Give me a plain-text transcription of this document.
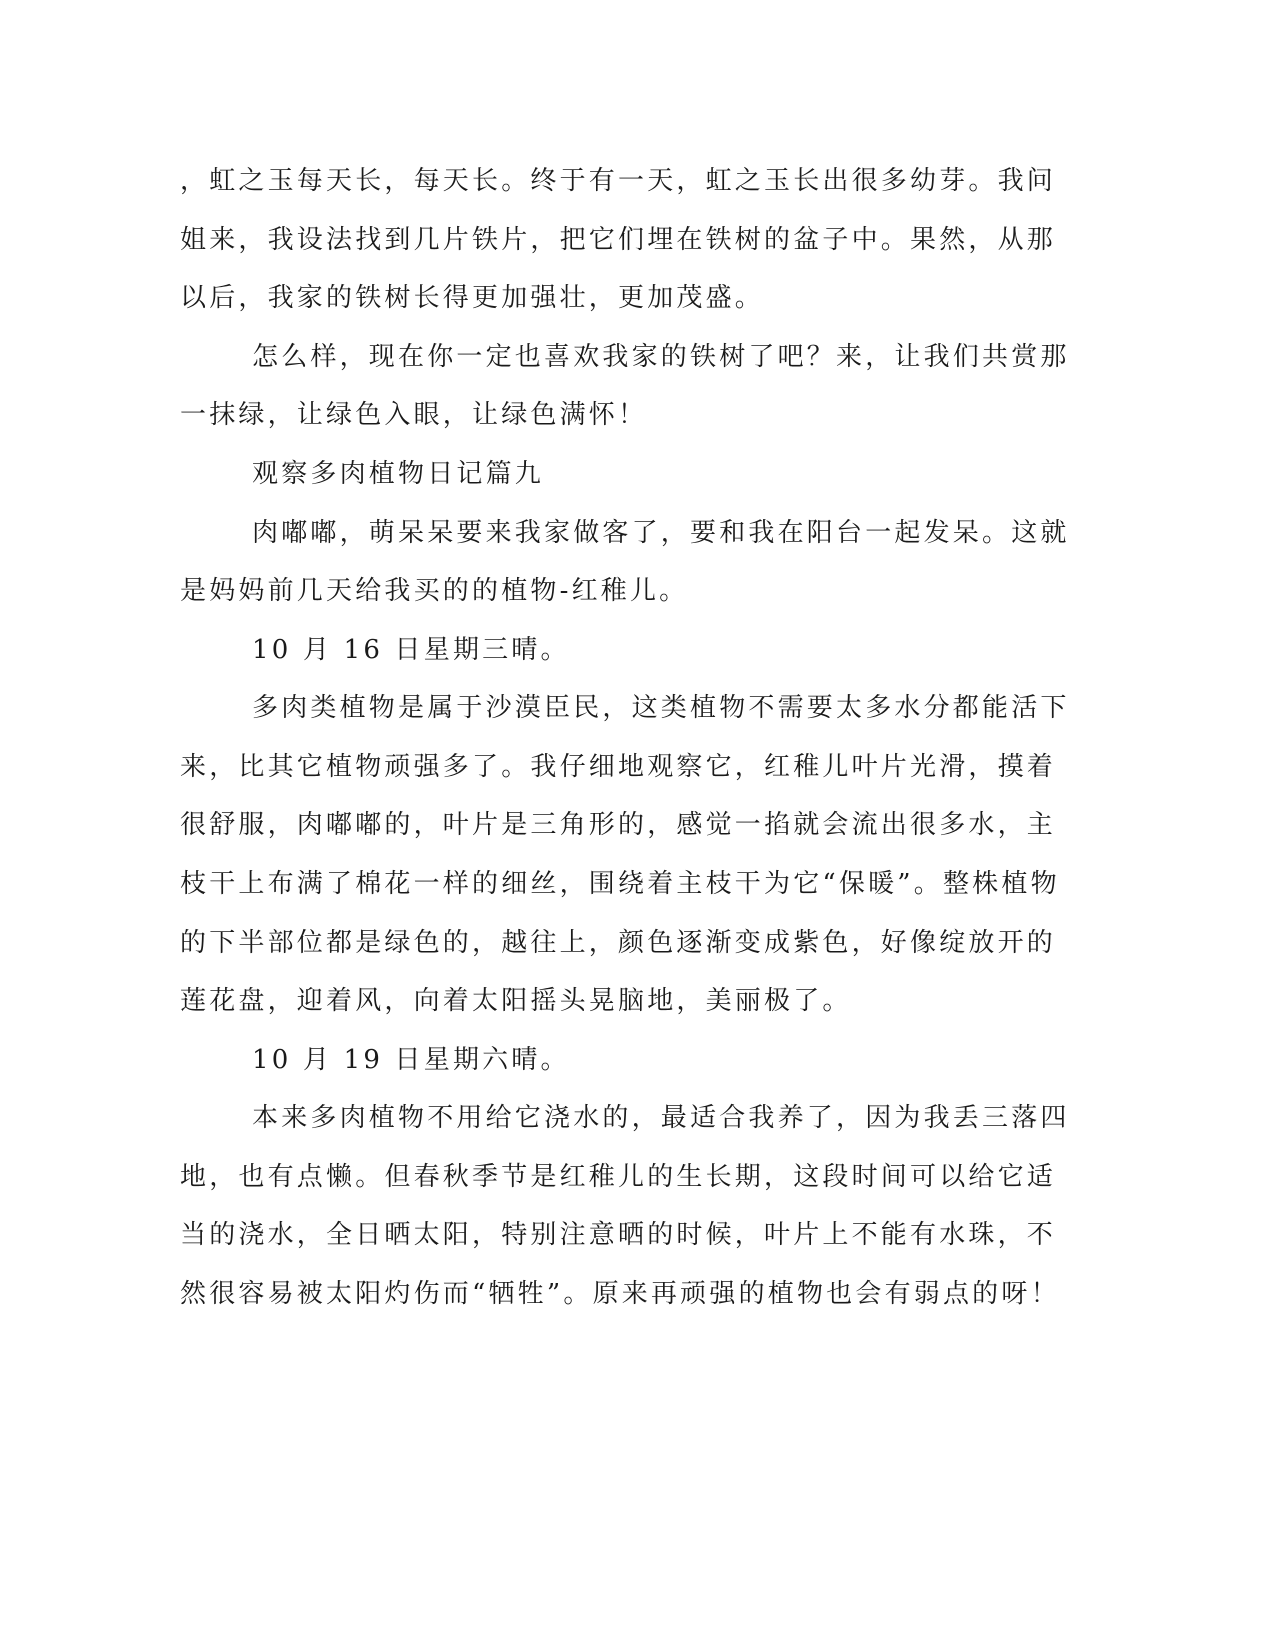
，虹之玉每天长，每天长。终于有一天，虹之玉长出很多幼芽。我问

姐来，我设法找到几片铁片，把它们埋在铁树的盆子中。果然，从那

以后，我家的铁树长得更加强壮，更加茂盛。

怎么样，现在你一定也喜欢我家的铁树了吧？来，让我们共赏那

一抹绿，让绿色入眼，让绿色满怀！

观察多肉植物日记篇九

肉嘟嘟，萌呆呆要来我家做客了，要和我在阳台一起发呆。这就

是妈妈前几天给我买的的植物-红稚儿。

10 月 16 日星期三晴。

多肉类植物是属于沙漠臣民，这类植物不需要太多水分都能活下

来，比其它植物顽强多了。我仔细地观察它，红稚儿叶片光滑，摸着

很舒服，肉嘟嘟的，叶片是三角形的，感觉一掐就会流出很多水，主

枝干上布满了棉花一样的细丝，围绕着主枝干为它“保暖”。整株植物

的下半部位都是绿色的，越往上，颜色逐渐变成紫色，好像绽放开的

莲花盘，迎着风，向着太阳摇头晃脑地，美丽极了。

10 月 19 日星期六晴。

本来多肉植物不用给它浇水的，最适合我养了，因为我丢三落四

地，也有点懒。但春秋季节是红稚儿的生长期，这段时间可以给它适

当的浇水，全日晒太阳，特别注意晒的时候，叶片上不能有水珠，不

然很容易被太阳灼伤而“牺牲”。原来再顽强的植物也会有弱点的呀！
